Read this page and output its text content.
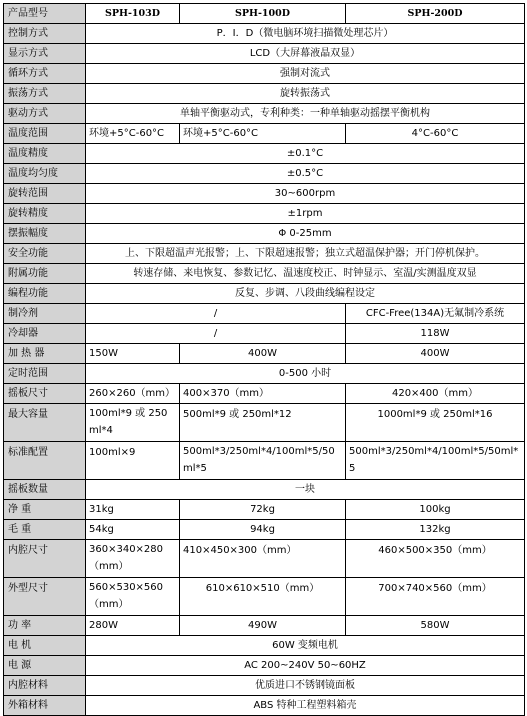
产品型号	SPH-103D	SPH-100D	SPH-200D
控制方式	P．I．D（微电脑环境扫描微处理芯片）		
显示方式	LCD（大屏幕液晶双显）		
循环方式	强制对流式		
振荡方式	旋转振荡式		
驱动方式	单轴平衡驱动式，专利种类：一种单轴驱动摇摆平衡机构		
温度范围	环境+5°C-60°C	环境+5°C-60°C	4°C-60°C
温度精度	±0.1°C		
温度均匀度	±0.5°C		
旋转范围	30~600rpm		
旋转精度	±1rpm		
摆振幅度	Φ 0-25mm		
安全功能	上、下限超温声光报警；上、下限超速报警；独立式超温保护器；开门停机保护。		
附属功能	转速存储、来电恢复、参数记忆、温速度校正、时钟显示、室温/实测温度双显		
编程功能	反复、步调、八段曲线编程设定		
制冷剂	/		CFC-Free(134A)无氟制冷系统
冷却器	/		118W
加 热 器	150W	400W	400W
定时范围	0-500 小时		
摇板尺寸	260×260（mm）	400×370（mm）	420×400（mm）
最大容量	100ml*9 或 250ml*4	500ml*9 或 250ml*12	1000ml*9 或 250ml*16
标准配置	100ml×9	500ml*3/250ml*4/100ml*5/50ml*5	500ml*3/250ml*4/100ml*5/50ml*5
摇板数量	一块		
净 重	31kg	72kg	100kg
毛 重	54kg	94kg	132kg
内腔尺寸	360×340×280（mm）	410×450×300（mm）	460×500×350（mm）
外型尺寸	560×530×560（mm）	610×610×510（mm）	700×740×560（mm）
功 率	280W	490W	580W
电 机	60W 变频电机		
电 源	AC 200~240V 50~60HZ		
内腔材料	优质进口不锈钢镜面板		
外箱材料	ABS 特种工程塑料箱壳		
